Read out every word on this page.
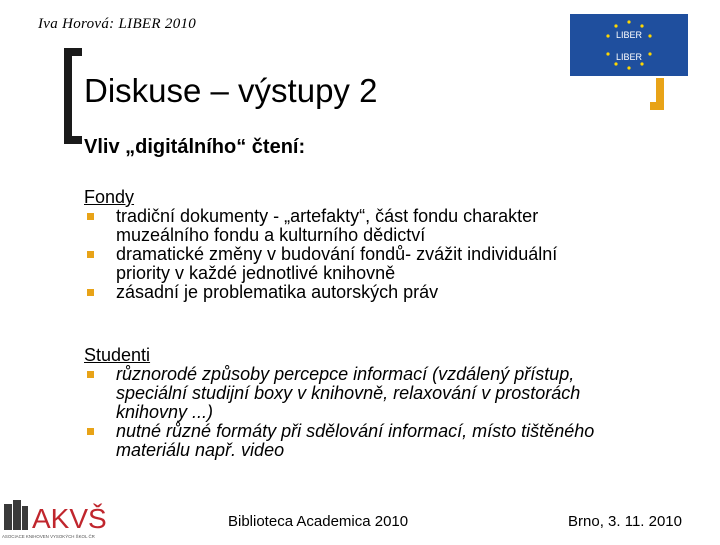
Iva Horová: LIBER 2010
LIBER
LIBER
Diskuse – výstupy 2
Vliv „digitálního“ čtení:
Fondy
tradiční dokumenty - „artefakty“, část fondu charakter
muzeálního fondu a kulturního dědictví
dramatické změny v budování fondů- zvážit individuální
priority v každé jednotlivé knihovně
zásadní je problematika autorských práv
Studenti
různorodé způsoby percepce informací (vzdálený přístup,
speciální studijní boxy v knihovně, relaxování v prostorách
knihovny ...)
nutné různé formáty při sdělování informací, místo tištěného
materiálu např. video
AKVŠ
ASOCIACE KNIHOVEN VYSOKÝCH ŠKOL ČR
Biblioteca Academica 2010	Brno, 3. 11. 2010
